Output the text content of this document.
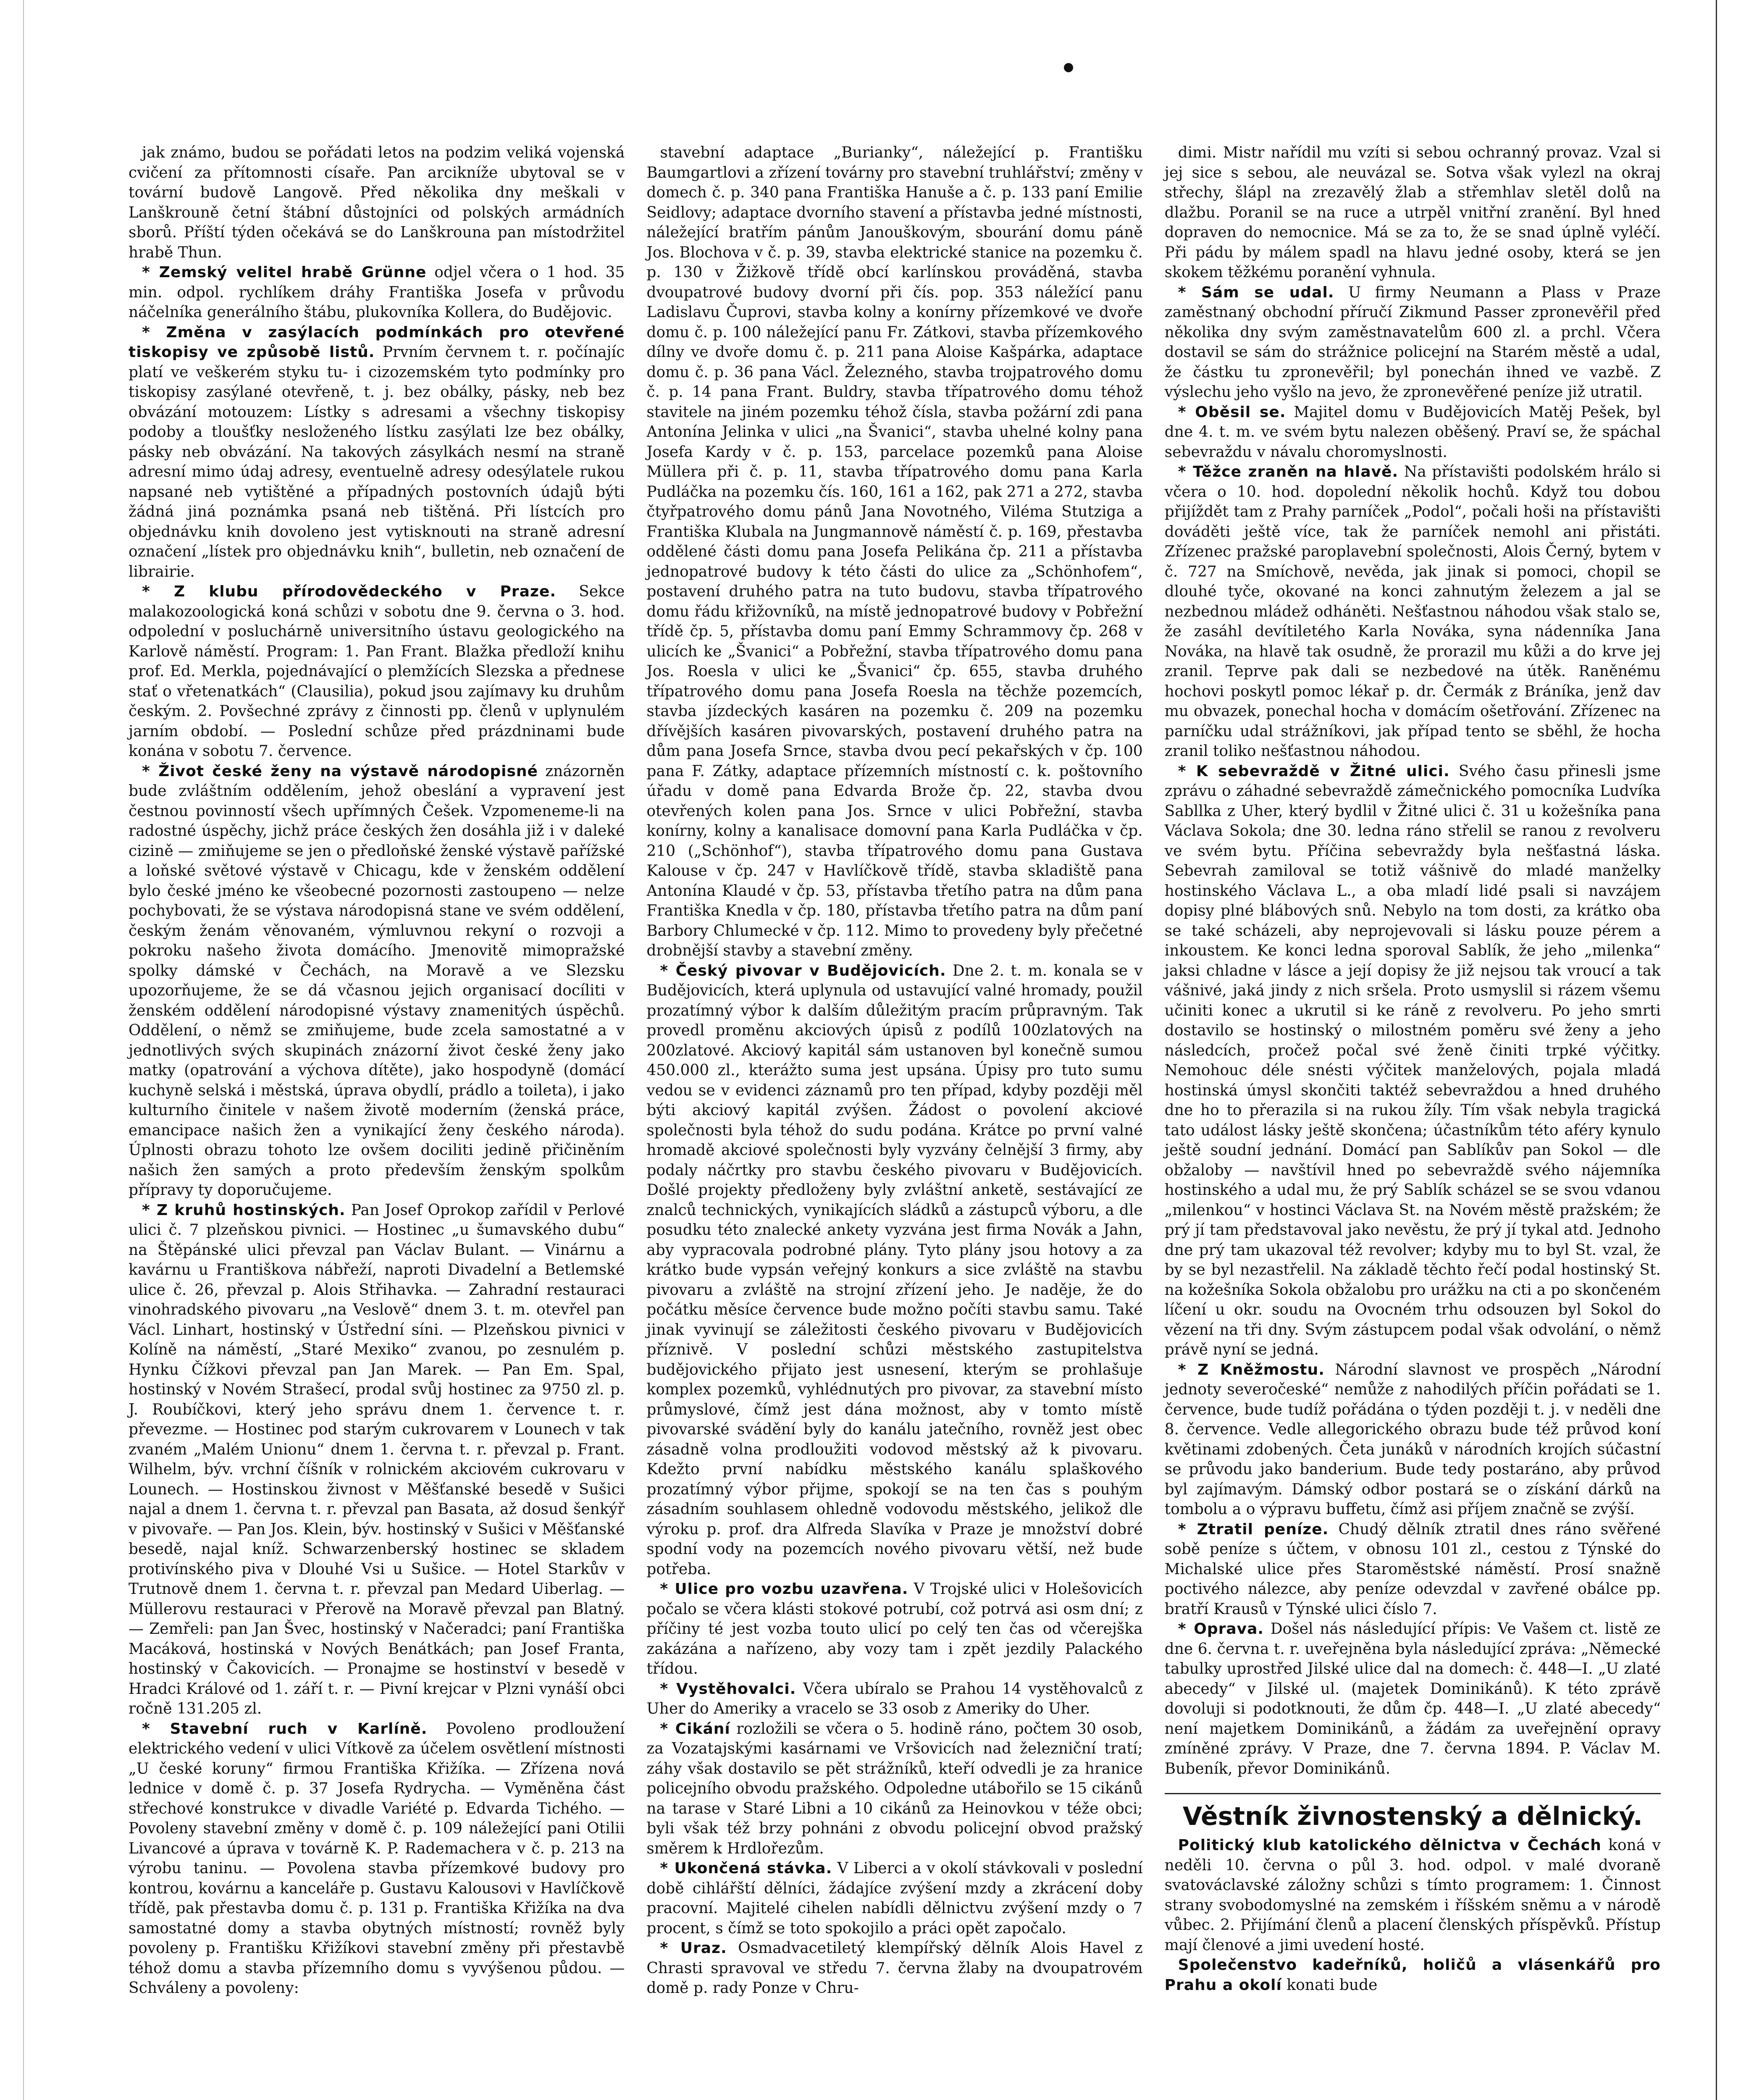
jak známo, budou se pořádati letos na podzim veliká vojenská cvičení za přítomnosti císaře. Pan arcikníže ubytoval se v tovární budově Langově. Před několika dny meškali v Lanškrouně četní štábní důstojníci od polských armádních sborů. Příští týden očekává se do Lanškrouna pan místodržitel hrabě Thun.

* Zemský velitel hrabě Grünne odjel včera o 1 hod. 35 min. odpol. rychlíkem dráhy Františka Josefa v průvodu náčelníka generálního štábu, plukovníka Kollera, do Budějovic.

* Změna v zasýlacích podmínkách pro otevřené tiskopisy ve způsobě listů. Prvním červnem t. r. počínajíc platí ve veškerém styku tu- i cizozemském tyto podmínky pro tiskopisy zasýlané otevřeně, t. j. bez obálky, pásky, neb bez obvázání motouzem: Lístky s adresami a všechny tiskopisy podoby a tloušťky nesloženého lístku zasýlati lze bez obálky, pásky neb obvázání. Na takových zásylkách nesmí na straně adresní mimo údaj adresy, eventuelně adresy odesýlatele rukou napsané neb vytištěné a případných postovních údajů býti žádná jiná poznámka psaná neb tištěná. Při lístcích pro objednávku knih dovoleno jest vytisknouti na straně adresní označení „lístek pro objednávku knih“, bulletin, neb označení de librairie.

* Z klubu přírodovědeckého v Praze. Sekce malakozoologická koná schůzi v sobotu dne 9. června o 3. hod. odpolední v posluchárně universitního ústavu geologického na Karlově náměstí. Program: 1. Pan Frant. Blažka předloží knihu prof. Ed. Merkla, pojednávající o plemžících Slezska a přednese stať o vřetenatkách“ (Clausilia), pokud jsou zajímavy ku druhům českým. 2. Povšechné zprávy z činnosti pp. členů v uplynulém jarním období. — Poslední schůze před prázdninami bude konána v sobotu 7. července.

* Život české ženy na výstavě národopisné znázorněn bude zvláštním oddělením, jehož obeslání a vypravení jest čestnou povinností všech upřímných Češek. Vzpomeneme-li na radostné úspěchy, jichž práce českých žen dosáhla již i v daleké cizině — zmiňujeme se jen o předloňské ženské výstavě pařížské a loňské světové výstavě v Chicagu, kde v ženském oddělení bylo české jméno ke všeobecné pozornosti zastoupeno — nelze pochybovati, že se výstava národopisná stane ve svém oddělení, českým ženám věnovaném, výmluvnou rekyní o rozvoji a pokroku našeho života domácího. Jmenovitě mimopražské spolky dámské v Čechách, na Moravě a ve Slezsku upozorňujeme, že se dá včasnou jejich organisací docíliti v ženském oddělení národopisné výstavy znamenitých úspěchů. Oddělení, o němž se zmiňujeme, bude zcela samostatné a v jednotlivých svých skupinách znázorní život české ženy jako matky (opatrování a výchova dítěte), jako hospodyně (domácí kuchyně selská i městská, úprava obydlí, prádlo a toileta), i jako kulturního činitele v našem životě moderním (ženská práce, emancipace našich žen a vynikající ženy českého národa). Úplnosti obrazu tohoto lze ovšem dociliti jedině přičiněním našich žen samých a proto především ženským spolkům přípravy ty doporučujeme.

* Z kruhů hostinských. Pan Josef Oprokop zařídil v Perlové ulici č. 7 plzeňskou pivnici. — Hostinec „u šumavského dubu“ na Štěpánské ulici převzal pan Václav Bulant. — Vinárnu a kavárnu u Františkova nábřeží, naproti Divadelní a Betlemské ulice č. 26, převzal p. Alois Střihavka. — Zahradní restauraci vinohradského pivovaru „na Veslově“ dnem 3. t. m. otevřel pan Václ. Linhart, hostinský v Ústřední síni. — Plzeňskou pivnici v Kolíně na náměstí, „Staré Mexiko“ zvanou, po zesnulém p. Hynku Čížkovi převzal pan Jan Marek. — Pan Em. Spal, hostinský v Novém Strašecí, prodal svůj hostinec za 9750 zl. p. J. Roubíčkovi, který jeho správu dnem 1. července t. r. převezme. — Hostinec pod starým cukrovarem v Lounech v tak zvaném „Malém Unionu“ dnem 1. června t. r. převzal p. Frant. Wilhelm, býv. vrchní číšník v rolnickém akciovém cukrovaru v Lounech. — Hostinskou živnost v Měšťanské besedě v Sušici najal a dnem 1. června t. r. převzal pan Basata, až dosud šenkýř v pivovaře. — Pan Jos. Klein, býv. hostinský v Sušici v Měšťanské besedě, najal kníž. Schwarzenberský hostinec se skladem protivínského piva v Dlouhé Vsi u Sušice. — Hotel Starkův v Trutnově dnem 1. června t. r. převzal pan Medard Uiberlag. — Müllerovu restauraci v Přerově na Moravě převzal pan Blatný. — Zemřeli: pan Jan Švec, hostinský v Načeradci; paní Františka Macáková, hostinská v Nových Benátkách; pan Josef Franta, hostinský v Čakovicích. — Pronajme se hostinství v besedě v Hradci Králové od 1. září t. r. — Pivní krejcar v Plzni vynáší obci ročně 131.205 zl.

* Stavební ruch v Karlíně. Povoleno prodloužení elektrického vedení v ulici Vítkově za účelem osvětlení místnosti „U české koruny“ firmou Františka Křižíka. — Zřízena nová lednice v domě č. p. 37 Josefa Rydrycha. — Vyměněna část střechové konstrukce v divadle Variété p. Edvarda Tichého. — Povoleny stavební změny v domě č. p. 109 náležející pani Otilii Livancové a úprava v továrně K. P. Rademachera v č. p. 213 na výrobu taninu. — Povolena stavba přízemkové budovy pro kontrou, kovárnu a kanceláře p. Gustavu Kalousovi v Havlíčkově třídě, pak přestavba domu č. p. 131 p. Františka Křižíka na dva samostatné domy a stavba obytných místností; rovněž byly povoleny p. Františku Křižíkovi stavební změny při přestavbě téhož domu a stavba přízemního domu s vyvýšenou půdou. — Schváleny a povoleny:

stavební adaptace „Burianky“, náležející p. Františku Baumgartlovi a zřízení továrny pro stavební truhlářství; změny v domech č. p. 340 pana Františka Hanuše a č. p. 133 paní Emilie Seidlovy; adaptace dvorního stavení a přístavba jedné místnosti, náležející bratřím pánům Janouškovým, sbourání domu páně Jos. Blochova v č. p. 39, stavba elektrické stanice na pozemku č. p. 130 v Žižkově třídě obcí karlínskou prováděná, stavba dvoupatrové budovy dvorní při čís. pop. 353 náležící panu Ladislavu Čuprovi, stavba kolny a konírny přízemkové ve dvoře domu č. p. 100 náležející panu Fr. Zátkovi, stavba přízemkového dílny ve dvoře domu č. p. 211 pana Aloise Kašpárka, adaptace domu č. p. 36 pana Václ. Železného, stavba trojpatrového domu č. p. 14 pana Frant. Buldry, stavba třípatrového domu téhož stavitele na jiném pozemku téhož čísla, stavba požární zdi pana Antonína Jelinka v ulici „na Švanici“, stavba uhelné kolny pana Josefa Kardy v č. p. 153, parcelace pozemků pana Aloise Müllera při č. p. 11, stavba třípatrového domu pana Karla Pudláčka na pozemku čís. 160, 161 a 162, pak 271 a 272, stavba čtyřpatrového domu pánů Jana Novotného, Viléma Stutziga a Františka Klubala na Jungmannově náměstí č. p. 169, přestavba oddělené části domu pana Josefa Pelikána čp. 211 a přístavba jednopatrové budovy k této části do ulice za „Schönhofem“, postavení druhého patra na tuto budovu, stavba třípatrového domu řádu křižovníků, na místě jednopatrové budovy v Pobřežní třídě čp. 5, přístavba domu paní Emmy Schrammovy čp. 268 v ulicích ke „Švanici“ a Pobřežní, stavba třípatrového domu pana Jos. Roesla v ulici ke „Švanici“ čp. 655, stavba druhého třípatrového domu pana Josefa Roesla na těchže pozemcích, stavba jízdeckých kasáren na pozemku č. 209 na pozemku dřívějších kasáren pivovarských, postavení druhého patra na dům pana Josefa Srnce, stavba dvou pecí pekařských v čp. 100 pana F. Zátky, adaptace přízemních místností c. k. poštovního úřadu v domě pana Edvarda Brože čp. 22, stavba dvou otevřených kolen pana Jos. Srnce v ulici Pobřežní, stavba konírny, kolny a kanalisace domovní pana Karla Pudláčka v čp. 210 („Schönhof“), stavba třípatrového domu pana Gustava Kalouse v čp. 247 v Havlíčkově třídě, stavba skladiště pana Antonína Klaudé v čp. 53, přístavba třetího patra na dům pana Františka Knedla v čp. 180, přístavba třetího patra na dům paní Barbory Chlumecké v čp. 112. Mimo to provedeny byly přečetné drobnější stavby a stavební změny.

* Český pivovar v Budějovicích. Dne 2. t. m. konala se v Budějovicích, která uplynula od ustavující valné hromady, použil prozatímný výbor k dalším důležitým pracím průpravným. Tak provedl proměnu akciových úpisů z podílů 100zlatových na 200zlatové. Akciový kapitál sám ustanoven byl konečně sumou 450.000 zl., kterážto suma jest upsána. Úpisy pro tuto sumu vedou se v evidenci záznamů pro ten případ, kdyby později měl býti akciový kapitál zvýšen. Žádost o povolení akciové společnosti byla téhož do sudu podána. Krátce po první valné hromadě akciové společnosti byly vyzvány čelnější 3 firmy, aby podaly náčrtky pro stavbu českého pivovaru v Budějovicích. Došlé projekty předloženy byly zvláštní anketě, sestávající ze znalců technických, vynikajících sládků a zástupců výboru, a dle posudku této znalecké ankety vyzvána jest firma Novák a Jahn, aby vypracovala podrobné plány. Tyto plány jsou hotovy a za krátko bude vypsán veřejný konkurs a sice zvláště na stavbu pivovaru a zvláště na strojní zřízení jeho. Je naděje, že do počátku měsíce července bude možno počíti stavbu samu. Také jinak vyvinují se záležitosti českého pivovaru v Budějovicích příznivě. V poslední schůzi městského zastupitelstva budějovického přijato jest usnesení, kterým se prohlašuje komplex pozemků, vyhlédnutých pro pivovar, za stavební místo průmyslové, čímž jest dána možnost, aby v tomto místě pivovarské svádění byly do kanálu jatečního, rovněž jest obec zásadně volna prodloužiti vodovod městský až k pivovaru. Kdežto první nabídku městského kanálu splaškového prozatímný výbor přijme, spokojí se na ten čas s pouhým zásadním souhlasem ohledně vodovodu městského, jelikož dle výroku p. prof. dra Alfreda Slavíka v Praze je množství dobré spodní vody na pozemcích nového pivovaru větší, než bude potřeba.

* Ulice pro vozbu uzavřena. V Trojské ulici v Holešovicích počalo se včera klásti stokové potrubí, což potrvá asi osm dní; z příčiny té jest vozba touto ulicí po celý ten čas od včerejška zakázána a nařízeno, aby vozy tam i zpět jezdily Palackého třídou.

* Vystěhovalci. Včera ubíralo se Prahou 14 vystěhovalců z Uher do Ameriky a vracelo se 33 osob z Ameriky do Uher.

* Cikání rozložili se včera o 5. hodině ráno, počtem 30 osob, za Vozatajskými kasárnami ve Vršovicích nad železniční tratí; záhy však dostavilo se pět strážníků, kteří odvedli je za hranice policejního obvodu pražského. Odpoledne utábořilo se 15 cikánů na tarase v Staré Libni a 10 cikánů za Heinovkou v téže obci; byli však též brzy pohnáni z obvodu policejní obvod pražský směrem k Hrdlořezům.

* Ukončená stávka. V Liberci a v okolí stávkovali v poslední době cihlářští dělníci, žádajíce zvýšení mzdy a zkrácení doby pracovní. Majitelé cihelen nabídli dělnictvu zvýšení mzdy o 7 procent, s čímž se toto spokojilo a práci opět započalo.

* Uraz. Osmadvacetiletý klempířský dělník Alois Havel z Chrasti spravoval ve středu 7. června žlaby na dvoupatrovém domě p. rady Ponze v Chru-

dimi. Mistr nařídil mu vzíti si sebou ochranný provaz. Vzal si jej sice s sebou, ale neuvázal se. Sotva však vylezl na okraj střechy, šlápl na zrezavělý žlab a střemhlav sletěl dolů na dlažbu. Poranil se na ruce a utrpěl vnitřní zranění. Byl hned dopraven do nemocnice. Má se za to, že se snad úplně vyléčí. Při pádu by málem spadl na hlavu jedné osoby, která se jen skokem těžkému poranění vyhnula.

* Sám se udal. U firmy Neumann a Plass v Praze zaměstnaný obchodní příručí Zikmund Passer zpronevěřil před několika dny svým zaměstnavatelům 600 zl. a prchl. Včera dostavil se sám do strážnice policejní na Starém městě a udal, že částku tu zpronevěřil; byl ponechán ihned ve vazbě. Z výslechu jeho vyšlo na jevo, že zpronevěřené peníze již utratil.

* Oběsil se. Majitel domu v Budějovicích Matěj Pešek, byl dne 4. t. m. ve svém bytu nalezen oběšený. Praví se, že spáchal sebevraždu v návalu choromyslnosti.

* Těžce zraněn na hlavě. Na přístavišti podolském hrálo si včera o 10. hod. dopolední několik hochů. Když tou dobou přijíždět tam z Prahy parníček „Podol“, počali hoši na přístavišti dováděti ještě více, tak že parníček nemohl ani přistáti. Zřízenec pražské paroplavební společnosti, Alois Černý, bytem v č. 727 na Smíchově, nevěda, jak jinak si pomoci, chopil se dlouhé tyče, okované na konci zahnutým železem a jal se nezbednou mládež odháněti. Nešťastnou náhodou však stalo se, že zasáhl devítiletého Karla Nováka, syna nádenníka Jana Nováka, na hlavě tak osudně, že prorazil mu kůži a do krve jej zranil. Teprve pak dali se nezbedové na útěk. Raněnému hochovi poskytl pomoc lékař p. dr. Čermák z Bráníka, jenž dav mu obvazek, ponechal hocha v domácím ošetřování. Zřízenec na parníčku udal strážníkovi, jak případ tento se sběhl, že hocha zranil toliko nešťastnou náhodou.

* K sebevraždě v Žitné ulici. Svého času přinesli jsme zprávu o záhadné sebevraždě zámečnického pomocníka Ludvíka Sabllka z Uher, který bydlil v Žitné ulici č. 31 u kožešníka pana Václava Sokola; dne 30. ledna ráno střelil se ranou z revolveru ve svém bytu. Příčina sebevraždy byla nešťastná láska. Sebevrah zamiloval se totiž vášnivě do mladé manželky hostinského Václava L., a oba mladí lidé psali si navzájem dopisy plné blábových snů. Nebylo na tom dosti, za krátko oba se také scházeli, aby neprojevovali si lásku pouze pérem a inkoustem. Ke konci ledna sporoval Sablík, že jeho „milenka“ jaksi chladne v lásce a její dopisy že již nejsou tak vroucí a tak vášnivé, jaká jindy z nich sršela. Proto usmyslil si rázem všemu učiniti konec a ukrutil si ke ráně z revolveru. Po jeho smrti dostavilo se hostinský o milostném poměru své ženy a jeho následcích, pročež počal své ženě činiti trpké výčitky. Nemohouc déle snésti výčitek manželových, pojala mladá hostinská úmysl skončiti taktéž sebevraždou a hned druhého dne ho to přerazila si na rukou žíly. Tím však nebyla tragická tato událost lásky ještě skončena; účastníkům této aféry kynulo ještě soudní jednání. Domácí pan Sablíkův pan Sokol — dle obžaloby — navštívil hned po sebevraždě svého nájemníka hostinského a udal mu, že prý Sablík scházel se se svou vdanou „milenkou“ v hostinci Václava St. na Novém městě pražském; že prý jí tam představoval jako nevěstu, že prý jí tykal atd. Jednoho dne prý tam ukazoval též revolver; kdyby mu to byl St. vzal, že by se byl nezastřelil. Na základě těchto řečí podal hostinský St. na kožešníka Sokola obžalobu pro urážku na cti a po skončeném líčení u okr. soudu na Ovocném trhu odsouzen byl Sokol do vězení na tři dny. Svým zástupcem podal však odvolání, o němž právě nyní se jedná.

* Z Kněžmostu. Národní slavnost ve prospěch „Národní jednoty severočeské“ nemůže z nahodilých příčin pořádati se 1. července, bude tudíž pořádána o týden později t. j. v neděli dne 8. července. Vedle allegorického obrazu bude též průvod koní květinami zdobených. Četa junáků v národních krojích súčastní se průvodu jako banderium. Bude tedy postaráno, aby průvod byl zajímavým. Dámský odbor postará se o získání dárků na tombolu a o výpravu buffetu, čímž asi příjem značně se zvýší.

* Ztratil peníze. Chudý dělník ztratil dnes ráno svěřené sobě peníze s účtem, v obnosu 101 zl., cestou z Týnské do Michalské ulice přes Staroměstské náměstí. Prosí snažně poctivého nálezce, aby peníze odevzdal v zavřené obálce pp. bratří Krausů v Týnské ulici číslo 7.

* Oprava. Došel nás následující přípis: Ve Vašem ct. listě ze dne 6. června t. r. uveřejněna byla následující zpráva: „Německé tabulky uprostřed Jilské ulice dal na domech: č. 448—I. „U zlaté abecedy“ v Jilské ul. (majetek Dominikánů). K této zprávě dovoluji si podotknouti, že dům čp. 448—I. „U zlaté abecedy“ není majetkem Dominikánů, a žádám za uveřejnění opravy zmíněné zprávy. V Praze, dne 7. června 1894. P. Václav M. Bubeník, převor Dominikánů.

Věstník živnostenský a dělnický.

Politický klub katolického dělnictva v Čechách koná v neděli 10. června o půl 3. hod. odpol. v malé dvoraně svatováclavské záložny schůzi s tímto programem: 1. Činnost strany svobodomyslné na zemském i říšském sněmu a v národě vůbec. 2. Přijímání členů a placení členských příspěvků. Přístup mají členové a jimi uvedení hosté.

Společenstvo kadeřníků, holičů a vlásenkářů pro Prahu a okolí konati bude
